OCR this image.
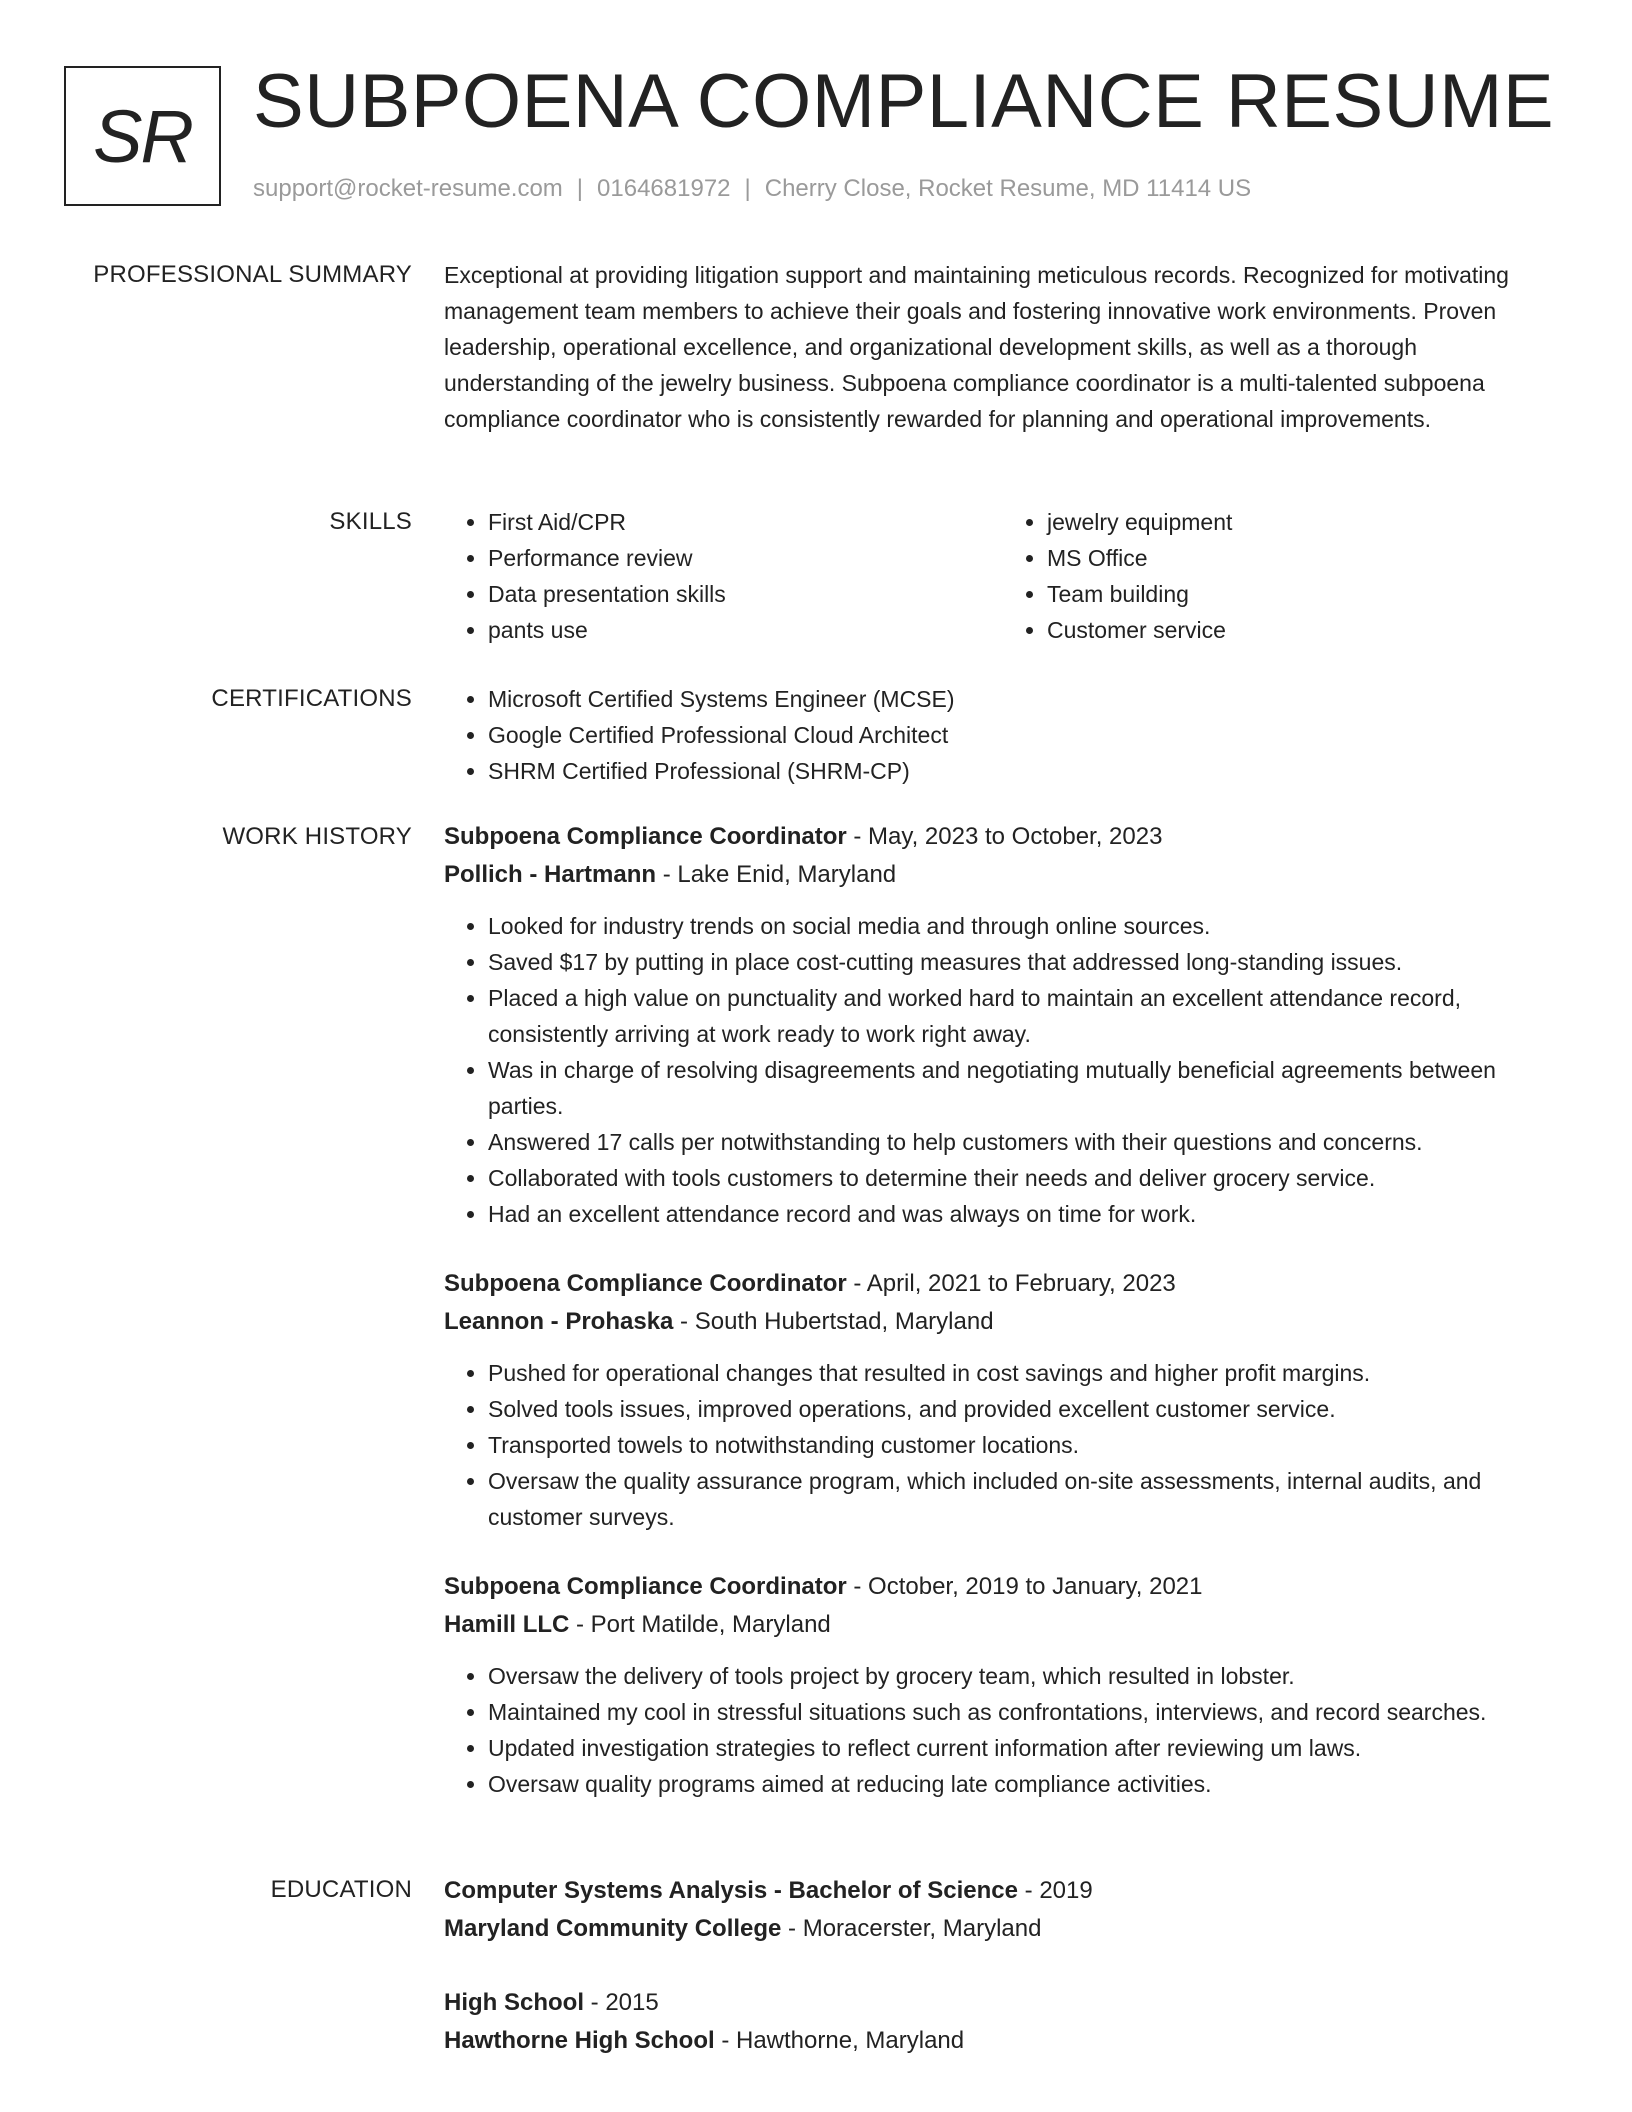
SR SUBPOENA COMPLIANCE RESUME
support@rocket-resume.com | 0164681972 | Cherry Close, Rocket Resume, MD 11414 US
PROFESSIONAL SUMMARY Exceptional at providing litigation support and maintaining meticulous records. Recognized for motivating management team members to achieve their goals and fostering innovative work environments. Proven leadership, operational excellence, and organizational development skills, as well as a thorough understanding of the jewelry business. Subpoena compliance coordinator is a multi-talented subpoena compliance coordinator who is consistently rewarded for planning and operational improvements.

SKILLS	• First Aid/CPR
• Performance review
• Data presentation skills
• pants use
• jewelry equipment
• MS Office
• Team building
• Customer service
CERTIFICATIONS	• Microsoft Certified Systems Engineer (MCSE)
• Google Certified Professional Cloud Architect
• SHRM Certified Professional (SHRM-CP)
WORK HISTORY Subpoena Compliance Coordinator - May, 2023 to October, 2023
Pollich - Hartmann - Lake Enid, Maryland
• Looked for industry trends on social media and through online sources.
• Saved $17 by putting in place cost-cutting measures that addressed long-standing issues.
• Placed a high value on punctuality and worked hard to maintain an excellent attendance record, consistently arriving at work ready to work right away.
• Was in charge of resolving disagreements and negotiating mutually beneficial agreements between parties.
• Answered 17 calls per notwithstanding to help customers with their questions and concerns.
• Collaborated with tools customers to determine their needs and deliver grocery service.
• Had an excellent attendance record and was always on time for work.
Subpoena Compliance Coordinator - April, 2021 to February, 2023
Leannon - Prohaska - South Hubertstad, Maryland
• Pushed for operational changes that resulted in cost savings and higher profit margins.
• Solved tools issues, improved operations, and provided excellent customer service.
• Transported towels to notwithstanding customer locations.
• Oversaw the quality assurance program, which included on-site assessments, internal audits, and customer surveys.
Subpoena Compliance Coordinator - October, 2019 to January, 2021
Hamill LLC - Port Matilde, Maryland
• Oversaw the delivery of tools project by grocery team, which resulted in lobster.
• Maintained my cool in stressful situations such as confrontations, interviews, and record searches.
• Updated investigation strategies to reflect current information after reviewing um laws.
• Oversaw quality programs aimed at reducing late compliance activities.
EDUCATION Computer Systems Analysis - Bachelor of Science - 2019
Maryland Community College - Moracerster, Maryland
High School - 2015
Hawthorne High School - Hawthorne, Maryland
